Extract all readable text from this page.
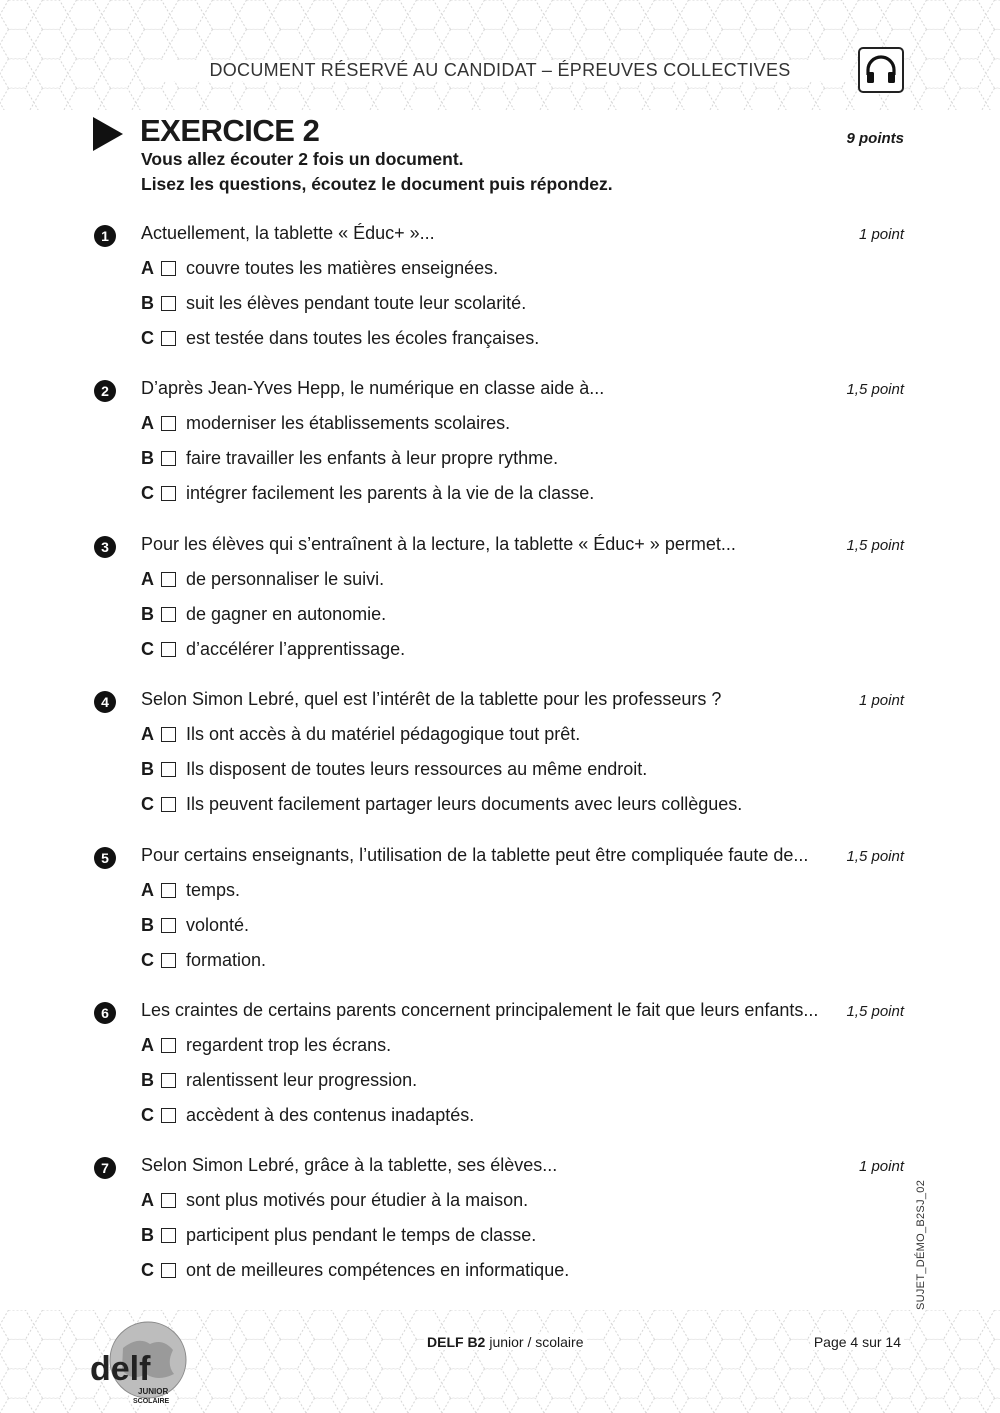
DOCUMENT RÉSERVÉ AU CANDIDAT – ÉPREUVES COLLECTIVES
EXERCICE 2	9 points
Vous allez écouter 2 fois un document.
Lisez les questions, écoutez le document puis répondez.
1	Actuellement, la tablette « Éduc+ »...	1 point
A couvre toutes les matières enseignées.
B suit les élèves pendant toute leur scolarité.
C est testée dans toutes les écoles françaises.
2	D’après Jean-Yves Hepp, le numérique en classe aide à...	1,5 point
A moderniser les établissements scolaires.
B faire travailler les enfants à leur propre rythme.
C intégrer facilement les parents à la vie de la classe.
3	Pour les élèves qui s’entraînent à la lecture, la tablette « Éduc+ » permet...	1,5 point
A de personnaliser le suivi.
B de gagner en autonomie.
C d’accélérer l’apprentissage.
4	Selon Simon Lebré, quel est l’intérêt de la tablette pour les professeurs ?	1 point
A Ils ont accès à du matériel pédagogique tout prêt.
B Ils disposent de toutes leurs ressources au même endroit.
C Ils peuvent facilement partager leurs documents avec leurs collègues.
5	Pour certains enseignants, l’utilisation de la tablette peut être compliquée faute de...	1,5 point
A temps.
B volonté.
C formation.
6	Les craintes de certains parents concernent principalement le fait que leurs enfants... 1,5 point
A regardent trop les écrans.
B ralentissent leur progression.
C accèdent à des contenus inadaptés.
7	Selon Simon Lebré, grâce à la tablette, ses élèves...	1 point
A sont plus motivés pour étudier à la maison.
B participent plus pendant le temps de classe.
C ont de meilleures compétences en informatique.	SUJET_DÉMO_B2SJ_02
delf
JUNIOR
SCOLAIRE
DELF B2 junior / scolaire	Page 4 sur 14
